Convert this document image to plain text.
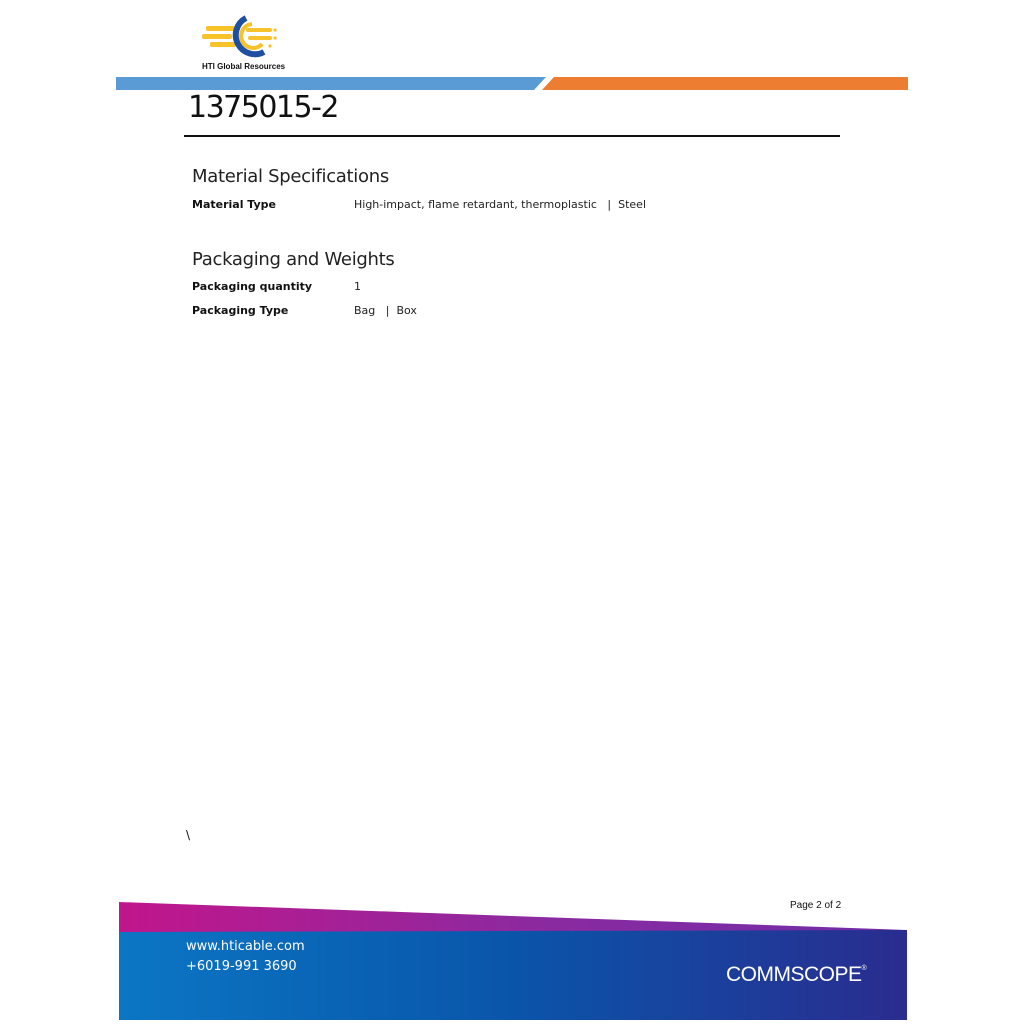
HTI Global Resources
1375015-2
Material Specifications
Material Type	High-impact, flame retardant, thermoplastic   |  Steel
Packaging and Weights
Packaging quantity	1
Packaging Type	Bag   |  Box
\
www.hticable.com
+6019-991 3690	COMMSCOPE®
Page 2 of 2
